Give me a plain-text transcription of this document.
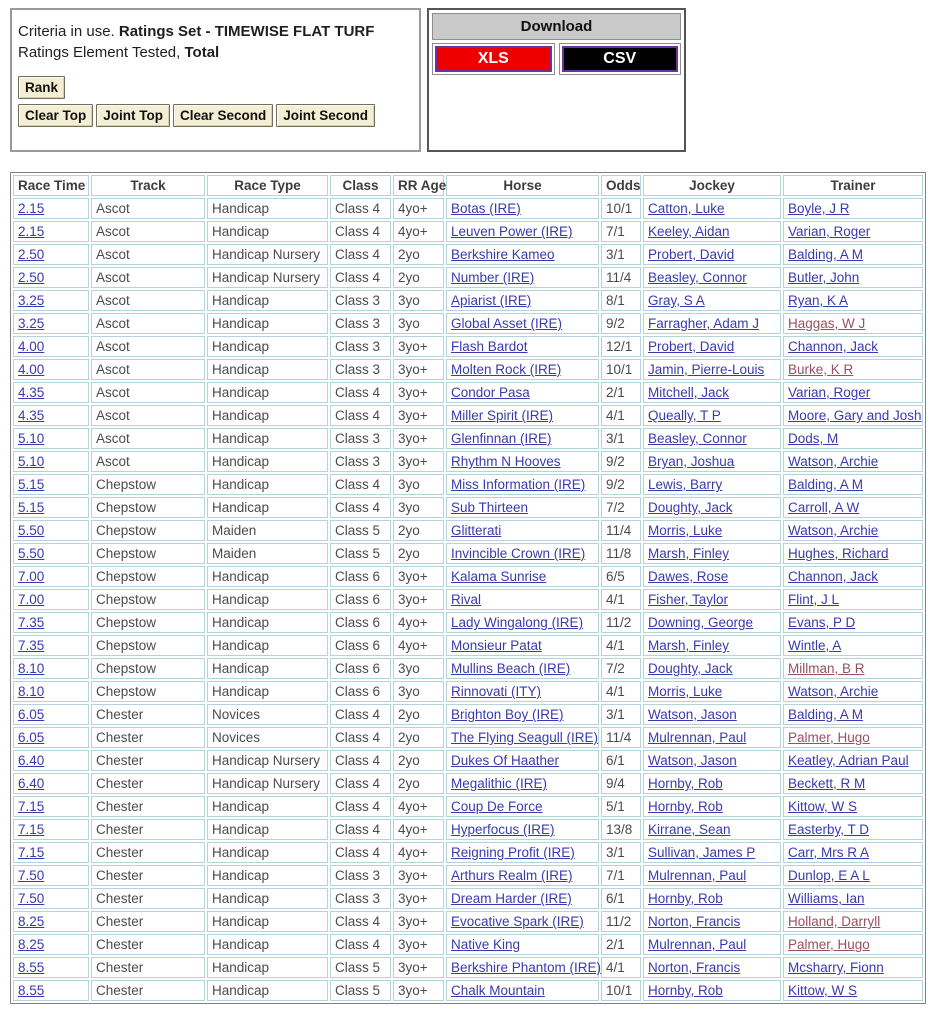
Criteria in use. Ratings Set - TIMEWISE FLAT TURF
Ratings Element Tested, Total
Rank
Clear Top	Joint Top	Clear Second	Joint Second
Download
XLS	CSV
Race Time	Track	Race Type	Class	RR Age	Horse	Odds	Jockey	Trainer
2.15	Ascot	Handicap	Class 4	4yo+	Botas (IRE)	10/1	Catton, Luke	Boyle, J R
2.15	Ascot	Handicap	Class 4	4yo+	Leuven Power (IRE)	7/1	Keeley, Aidan	Varian, Roger
2.50	Ascot	Handicap Nursery	Class 4	2yo	Berkshire Kameo	3/1	Probert, David	Balding, A M
2.50	Ascot	Handicap Nursery	Class 4	2yo	Number (IRE)	11/4	Beasley, Connor	Butler, John
3.25	Ascot	Handicap	Class 3	3yo	Apiarist (IRE)	8/1	Gray, S A	Ryan, K A
3.25	Ascot	Handicap	Class 3	3yo	Global Asset (IRE)	9/2	Farragher, Adam J	Haggas, W J
4.00	Ascot	Handicap	Class 3	3yo+	Flash Bardot	12/1	Probert, David	Channon, Jack
4.00	Ascot	Handicap	Class 3	3yo+	Molten Rock (IRE)	10/1	Jamin, Pierre-Louis	Burke, K R
4.35	Ascot	Handicap	Class 4	3yo+	Condor Pasa	2/1	Mitchell, Jack	Varian, Roger
4.35	Ascot	Handicap	Class 4	3yo+	Miller Spirit (IRE)	4/1	Queally, T P	Moore, Gary and Josh
5.10	Ascot	Handicap	Class 3	3yo+	Glenfinnan (IRE)	3/1	Beasley, Connor	Dods, M
5.10	Ascot	Handicap	Class 3	3yo+	Rhythm N Hooves	9/2	Bryan, Joshua	Watson, Archie
5.15	Chepstow	Handicap	Class 4	3yo	Miss Information (IRE)	9/2	Lewis, Barry	Balding, A M
5.15	Chepstow	Handicap	Class 4	3yo	Sub Thirteen	7/2	Doughty, Jack	Carroll, A W
5.50	Chepstow	Maiden	Class 5	2yo	Glitterati	11/4	Morris, Luke	Watson, Archie
5.50	Chepstow	Maiden	Class 5	2yo	Invincible Crown (IRE)	11/8	Marsh, Finley	Hughes, Richard
7.00	Chepstow	Handicap	Class 6	3yo+	Kalama Sunrise	6/5	Dawes, Rose	Channon, Jack
7.00	Chepstow	Handicap	Class 6	3yo+	Rival	4/1	Fisher, Taylor	Flint, J L
7.35	Chepstow	Handicap	Class 6	4yo+	Lady Wingalong (IRE)	11/2	Downing, George	Evans, P D
7.35	Chepstow	Handicap	Class 6	4yo+	Monsieur Patat	4/1	Marsh, Finley	Wintle, A
8.10	Chepstow	Handicap	Class 6	3yo	Mullins Beach (IRE)	7/2	Doughty, Jack	Millman, B R
8.10	Chepstow	Handicap	Class 6	3yo	Rinnovati (ITY)	4/1	Morris, Luke	Watson, Archie
6.05	Chester	Novices	Class 4	2yo	Brighton Boy (IRE)	3/1	Watson, Jason	Balding, A M
6.05	Chester	Novices	Class 4	2yo	The Flying Seagull (IRE)	11/4	Mulrennan, Paul	Palmer, Hugo
6.40	Chester	Handicap Nursery	Class 4	2yo	Dukes Of Haather	6/1	Watson, Jason	Keatley, Adrian Paul
6.40	Chester	Handicap Nursery	Class 4	2yo	Megalithic (IRE)	9/4	Hornby, Rob	Beckett, R M
7.15	Chester	Handicap	Class 4	4yo+	Coup De Force	5/1	Hornby, Rob	Kittow, W S
7.15	Chester	Handicap	Class 4	4yo+	Hyperfocus (IRE)	13/8	Kirrane, Sean	Easterby, T D
7.15	Chester	Handicap	Class 4	4yo+	Reigning Profit (IRE)	3/1	Sullivan, James P	Carr, Mrs R A
7.50	Chester	Handicap	Class 3	3yo+	Arthurs Realm (IRE)	7/1	Mulrennan, Paul	Dunlop, E A L
7.50	Chester	Handicap	Class 3	3yo+	Dream Harder (IRE)	6/1	Hornby, Rob	Williams, Ian
8.25	Chester	Handicap	Class 4	3yo+	Evocative Spark (IRE)	11/2	Norton, Francis	Holland, Darryll
8.25	Chester	Handicap	Class 4	3yo+	Native King	2/1	Mulrennan, Paul	Palmer, Hugo
8.55	Chester	Handicap	Class 5	3yo+	Berkshire Phantom (IRE)	4/1	Norton, Francis	Mcsharry, Fionn
8.55	Chester	Handicap	Class 5	3yo+	Chalk Mountain	10/1	Hornby, Rob	Kittow, W S
